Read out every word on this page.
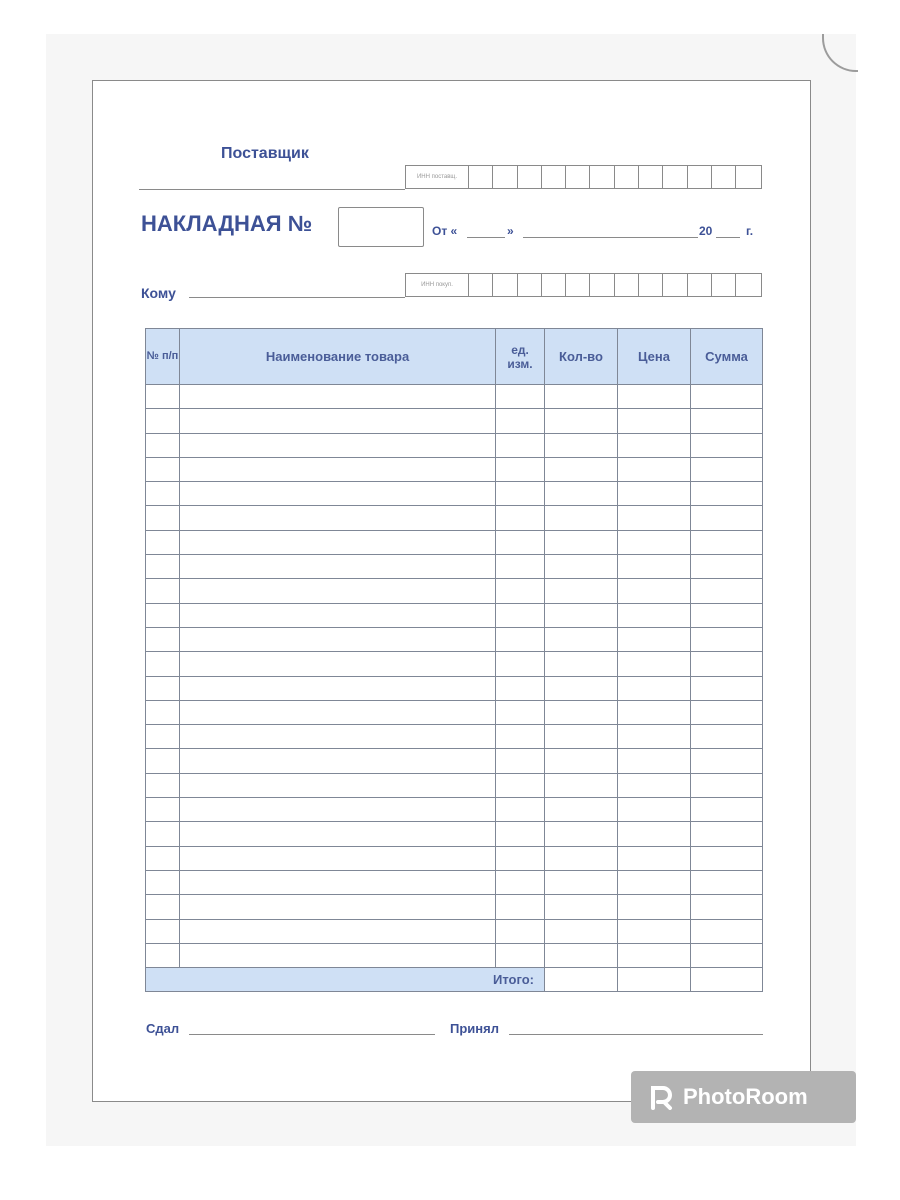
Поставщик
ИНН поставщ.
НАКЛАДНАЯ №	От «	»	20	г.
Кому	ИНН покуп.
№ п/п	Наименование товара	ед. изм.	Кол-во	Цена	Сумма

Итого:					
Сдал	Принял
PhotoRoom
